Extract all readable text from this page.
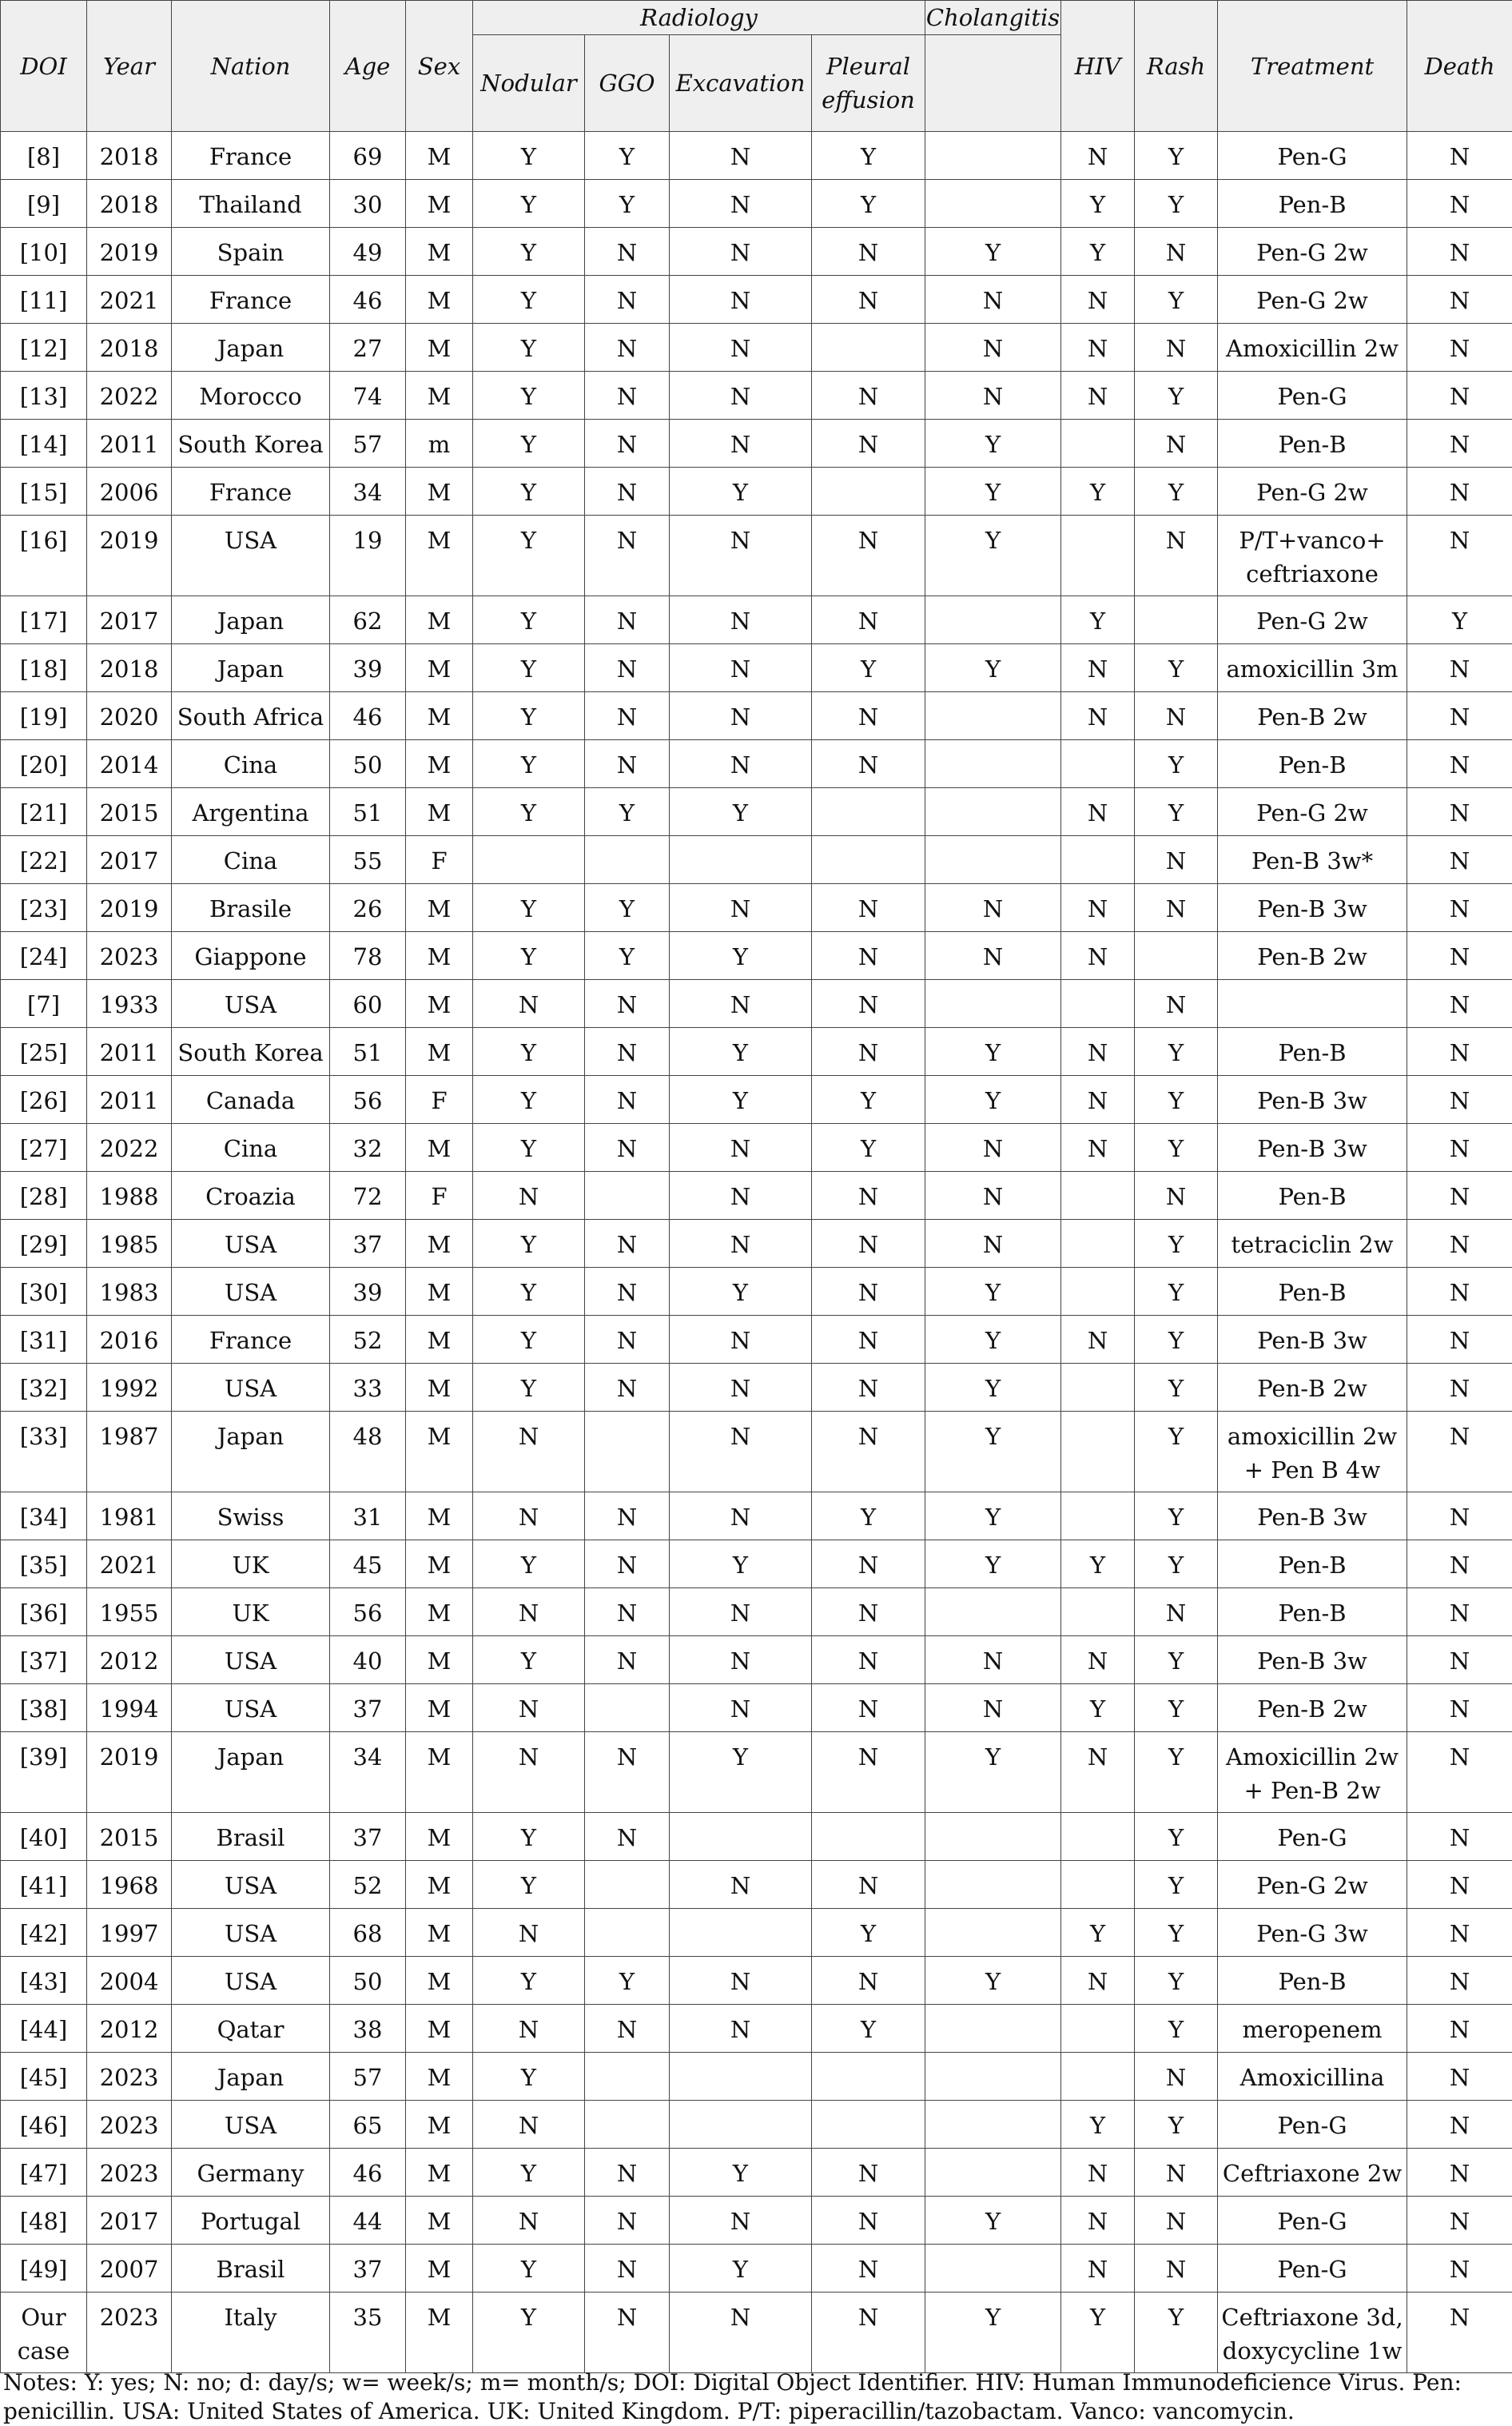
DOI	Year	Nation	Age	Sex	Radiology				Cholangitis	HIV	Rash	Treatment	Death
					Nodular	GGO	Excavation	Pleural effusion					
[8]	2018	France	69	M	Y	Y	N	Y		N	Y	Pen-G	N
[9]	2018	Thailand	30	M	Y	Y	N	Y		Y	Y	Pen-B	N
[10]	2019	Spain	49	M	Y	N	N	N	Y	Y	N	Pen-G 2w	N
[11]	2021	France	46	M	Y	N	N	N	N	N	Y	Pen-G 2w	N
[12]	2018	Japan	27	M	Y	N	N		N	N	N	Amoxicillin 2w	N
[13]	2022	Morocco	74	M	Y	N	N	N	N	N	Y	Pen-G	N
[14]	2011	South Korea	57	m	Y	N	N	N	Y		N	Pen-B	N
[15]	2006	France	34	M	Y	N	Y		Y	Y	Y	Pen-G 2w	N
[16]	2019	USA	19	M	Y	N	N	N	Y		N	P/T+vanco+ ceftriaxone	N
[17]	2017	Japan	62	M	Y	N	N	N		Y		Pen-G 2w	Y
[18]	2018	Japan	39	M	Y	N	N	Y	Y	N	Y	amoxicillin 3m	N
[19]	2020	South Africa	46	M	Y	N	N	N		N	N	Pen-B 2w	N
[20]	2014	Cina	50	M	Y	N	N	N			Y	Pen-B	N
[21]	2015	Argentina	51	M	Y	Y	Y			N	Y	Pen-G 2w	N
[22]	2017	Cina	55	F							N	Pen-B 3w*	N
[23]	2019	Brasile	26	M	Y	Y	N	N	N	N	N	Pen-B 3w	N
[24]	2023	Giappone	78	M	Y	Y	Y	N	N	N		Pen-B 2w	N
[7]	1933	USA	60	M	N	N	N	N			N		N
[25]	2011	South Korea	51	M	Y	N	Y	N	Y	N	Y	Pen-B	N
[26]	2011	Canada	56	F	Y	N	Y	Y	Y	N	Y	Pen-B 3w	N
[27]	2022	Cina	32	M	Y	N	N	Y	N	N	Y	Pen-B 3w	N
[28]	1988	Croazia	72	F	N		N	N	N		N	Pen-B	N
[29]	1985	USA	37	M	Y	N	N	N	N		Y	tetraciclin 2w	N
[30]	1983	USA	39	M	Y	N	Y	N	Y		Y	Pen-B	N
[31]	2016	France	52	M	Y	N	N	N	Y	N	Y	Pen-B 3w	N
[32]	1992	USA	33	M	Y	N	N	N	Y		Y	Pen-B 2w	N
[33]	1987	Japan	48	M	N		N	N	Y		Y	amoxicillin 2w + Pen B 4w	N
[34]	1981	Swiss	31	M	N	N	N	Y	Y		Y	Pen-B 3w	N
[35]	2021	UK	45	M	Y	N	Y	N	Y	Y	Y	Pen-B	N
[36]	1955	UK	56	M	N	N	N	N			N	Pen-B	N
[37]	2012	USA	40	M	Y	N	N	N	N	N	Y	Pen-B 3w	N
[38]	1994	USA	37	M	N		N	N	N	Y	Y	Pen-B 2w	N
[39]	2019	Japan	34	M	N	N	Y	N	Y	N	Y	Amoxicillin 2w + Pen-B 2w	N
[40]	2015	Brasil	37	M	Y	N					Y	Pen-G	N
[41]	1968	USA	52	M	Y		N	N			Y	Pen-G 2w	N
[42]	1997	USA	68	M	N			Y		Y	Y	Pen-G 3w	N
[43]	2004	USA	50	M	Y	Y	N	N	Y	N	Y	Pen-B	N
[44]	2012	Qatar	38	M	N	N	N	Y			Y	meropenem	N
[45]	2023	Japan	57	M	Y						N	Amoxicillina	N
[46]	2023	USA	65	M	N					Y	Y	Pen-G	N
[47]	2023	Germany	46	M	Y	N	Y	N		N	N	Ceftriaxone 2w	N
[48]	2017	Portugal	44	M	N	N	N	N	Y	N	N	Pen-G	N
[49]	2007	Brasil	37	M	Y	N	Y	N		N	N	Pen-G	N
Our case	2023	Italy	35	M	Y	N	N	N	Y	Y	Y	Ceftriaxone 3d, doxycycline 1w	N
Notes: Y: yes; N: no; d: day/s; w= week/s; m= month/s; DOI: Digital Object Identifier. HIV: Human Immunodeficience Virus. Pen: penicillin. USA: United States of America. UK: United Kingdom. P/T: piperacillin/tazobactam. Vanco: vancomycin.
